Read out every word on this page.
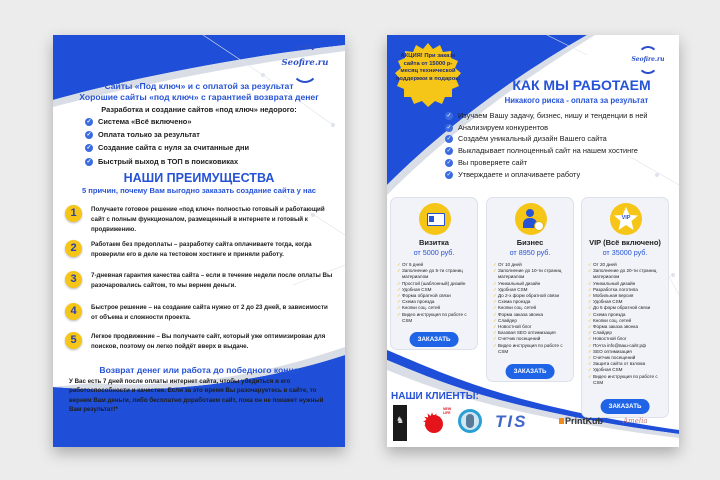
Seofire.ru
Сайты «Под ключ» и с оплатой за результат
Хорошие сайты «под ключ» с гарантией возврата денег
Разработка и создание сайтов «под ключ» недорого:
✓ Система «Всё включено»
✓ Оплата только за результат
✓ Создание сайта с нуля за считанные дни
✓ Быстрый выход в ТОП в поисковиках
НАШИ ПРЕИМУЩЕСТВА
5 причин, почему Вам выгодно заказать создание сайта у нас
1	Получаете готовое решение «под ключ» полностью готовый и работающий сайт с полным функционалом, размещенный в интернете и готовый к продвижению.
2	Работаем без предоплаты – разработку сайта оплачиваете тогда, когда проверили его в деле на тестовом хостинге и приняли работу.
3	7-дневная гарантия качества сайта – если в течение недели после оплаты Вы разочаровались сайтом, то мы вернем деньги.
4	Быстрое решение – на создание сайта нужно от 2 до 23 дней, в зависимости от объема и сложности проекта.
5	Легкое продвижение – Вы получаете сайт, который уже оптимизирован для поисков, поэтому он легко пойдёт вверх в выдаче.
Возврат денег или работа до победного конца
У Вас есть 7 дней после оплаты интернет сайта, чтобы убедиться в его работоспособности и качестве. Если за это время Вы разочаруетесь в сайте, то вернем Вам деньги, либо бесплатно доработаем сайт, пока он не покажет нужный Вам результат!*
АКЦИЯ! При заказе сайта от 15000 р- месяц технической поддержки в подарок!
Seofire.ru
КАК МЫ РАБОТАЕМ
Никакого риска - оплата за результат
✓ Изучаем Вашу задачу, бизнес, нишу и тенденции в ней
✓ Анализируем конкурентов
✓ Создаём уникальный дизайн Вашего сайта
✓ Выкладывает полноценный сайт на нашем хостинге
✓ Вы проверяете сайт
✓ Утверждаете и оплачиваете работу
Визитка
от 5000 руб.
✓ От 5 дней
✓ Заполнение до 5-ти страниц материалом
✓ Простой (шаблонный) дизайн
✓ Удобная CSM
✓ Форма обратной связи
✓ Схема проезда
✓ Кнопки соц. сетей
✓ Видео инструкция по работе с CSM
ЗАКАЗАТЬ
Бизнес
от 8950 руб.
✓ От 10 дней
✓ Заполнение до 10-ти страниц материалом
✓ Уникальный дизайн
✓ Удобная CSM
✓ До 2-х форм обратной связи
✓ Схема проезда
✓ Кнопки соц. сетей
✓ Форма заказа звонка
✓ Слайдер
✓ Новостной блог
✓ Базовая SEO оптимизация
✓ Счетчик посещений
✓ Видео инструкция по работе с CSM
ЗАКАЗАТЬ
VIP
VIP (Всё включено)
от 35000 руб.
✓ От 20 дней
✓ Заполнение до 20-ти страниц материалом
✓ Уникальный дизайн
✓ Разработка логотипа
✓ Мобильная версия
✓ Удобная CSM
✓ До 5 форм обратной связи
✓ Схема проезда
✓ Кнопки соц. сетей
✓ Форма заказа звонка
✓ Слайдер
✓ Новостной блог
✓ Почта info@ваш-сайт.рф
✓ SEO оптимизация
✓ Счетчик посещений
✓ Защита сайта от взлома
✓ Удобная CSM
✓ Видео инструкция по работе с CSM
ЗАКАЗАТЬ
НАШИ КЛИЕНТЫ:
♞ ✹ NEW LIFE	TIS	PrintKub	Amelia
